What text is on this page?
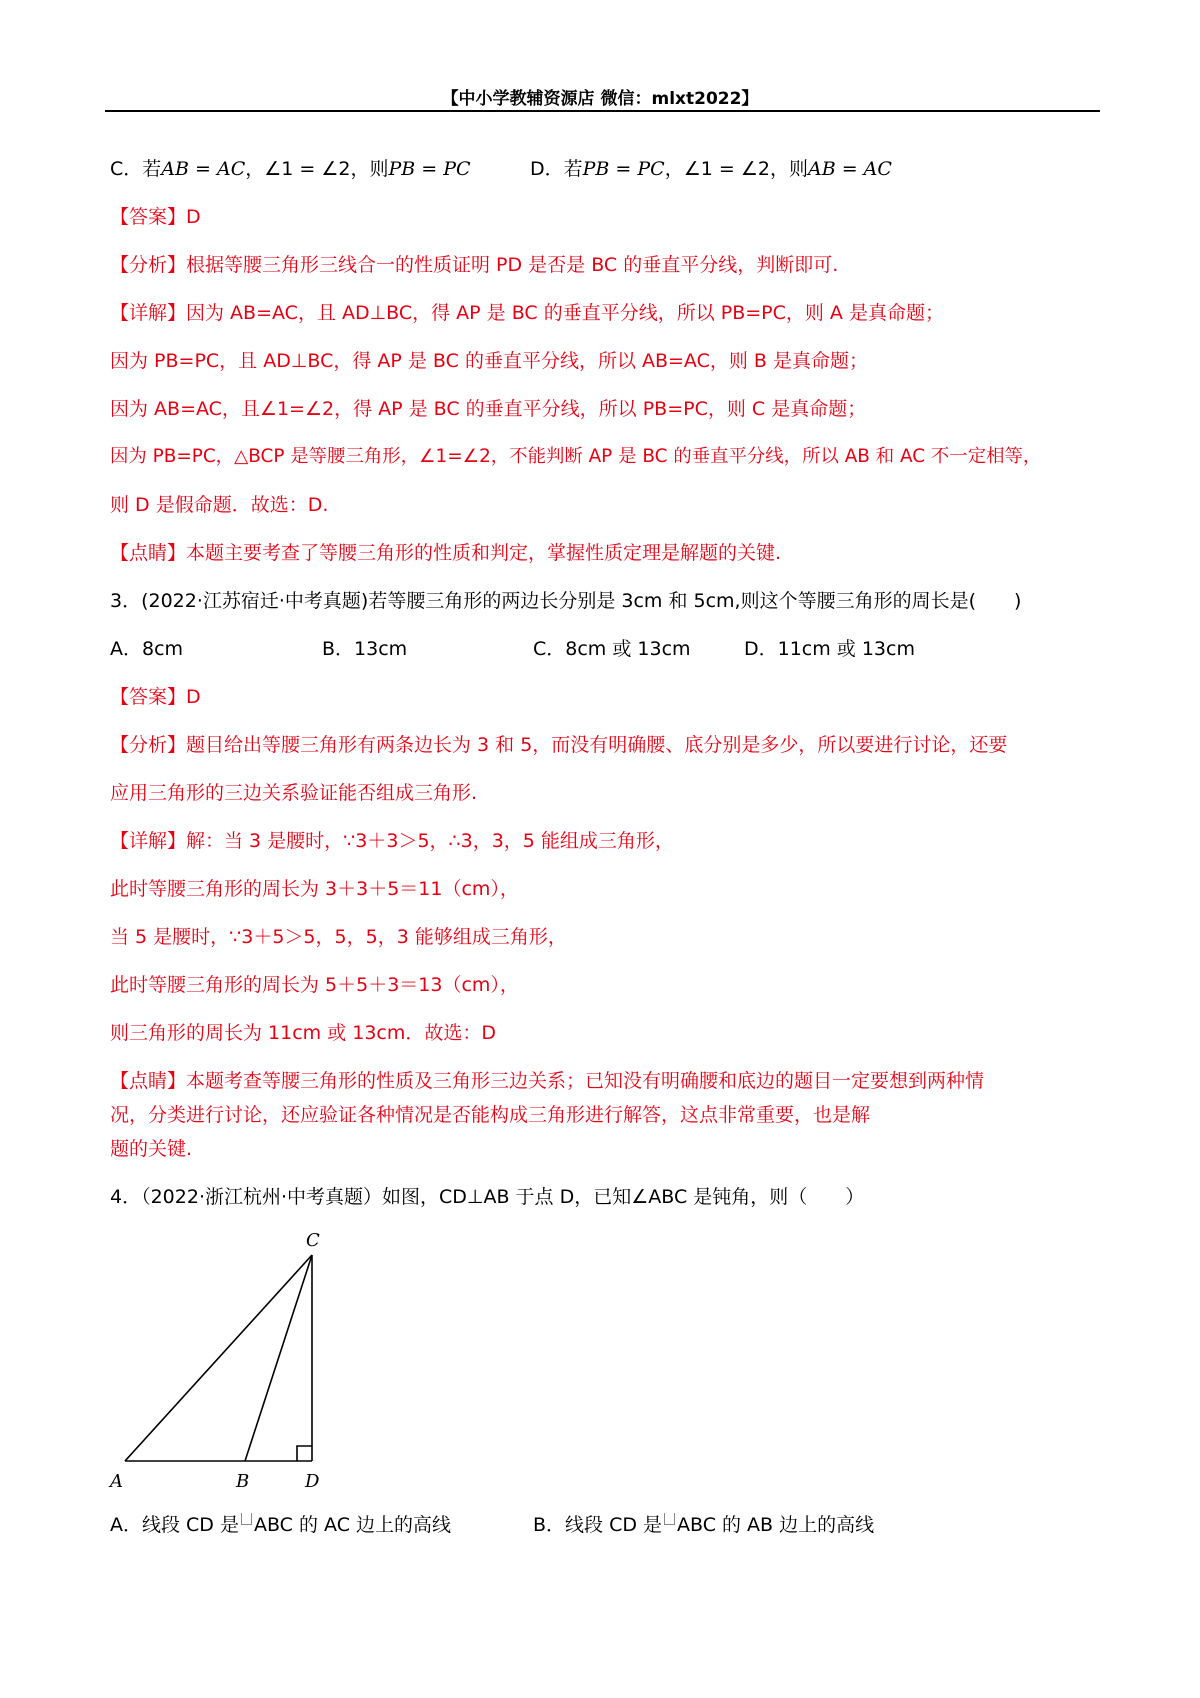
【中小学教辅资源店 微信：mlxt2022】
C．若AB = AC，∠1 = ∠2，则PB = PC	D．若PB = PC，∠1 = ∠2，则AB = AC
【答案】D
【分析】根据等腰三角形三线合一的性质证明 PD 是否是 BC 的垂直平分线，判断即可.
【详解】因为 AB=AC，且 AD⊥BC，得 AP 是 BC 的垂直平分线，所以 PB=PC，则 A 是真命题；
因为 PB=PC，且 AD⊥BC，得 AP 是 BC 的垂直平分线，所以 AB=AC，则 B 是真命题；
因为 AB=AC，且∠1=∠2，得 AP 是 BC 的垂直平分线，所以 PB=PC，则 C 是真命题；
因为 PB=PC，△BCP 是等腰三角形，∠1=∠2，不能判断 AP 是 BC 的垂直平分线，所以 AB 和 AC 不一定相等，
则 D 是假命题．故选：D.
【点睛】本题主要考查了等腰三角形的性质和判定，掌握性质定理是解题的关键.
3．(2022·江苏宿迁·中考真题)若等腰三角形的两边长分别是 3cm 和 5cm,则这个等腰三角形的周长是(　　)
A．8cm	B．13cm	C．8cm 或 13cm	D．11cm 或 13cm
【答案】D
【分析】题目给出等腰三角形有两条边长为 3 和 5，而没有明确腰、底分别是多少，所以要进行讨论，还要
应用三角形的三边关系验证能否组成三角形.
【详解】解：当 3 是腰时，∵3＋3＞5，∴3，3，5 能组成三角形，
此时等腰三角形的周长为 3＋3＋5＝11（cm），
当 5 是腰时，∵3＋5＞5，5，5，3 能够组成三角形，
此时等腰三角形的周长为 5＋5＋3＝13（cm），
则三角形的周长为 11cm 或 13cm．故选：D
【点睛】本题考查等腰三角形的性质及三角形三边关系；已知没有明确腰和底边的题目一定要想到两种情
况，分类进行讨论，还应验证各种情况是否能构成三角形进行解答，这点非常重要，也是解
题的关键.
4．（2022·浙江杭州·中考真题）如图，CD⊥AB 于点 D，已知∠ABC 是钝角，则（　　）
C
A	B	D
A．线段 CD 是 ABC 的 AC 边上的高线	B．线段 CD 是 ABC 的 AB 边上的高线
